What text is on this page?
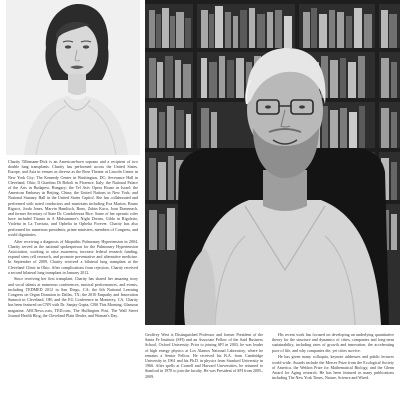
Charity Tillemann-Dick is an American-born soprano and a recipient of two double lung transplants. Charity has performed across the United States, Europe, and Asia in venues as diverse as the Rose Theater at Lincoln Center in New York City; The Kennedy Center in Washington, DC; Severance Hall in Cleveland, Ohio; Il Giardino Di Boboli in Florence, Italy; the National Palace of the Arts in Budapest, Hungary; the Tel Aviv Opera House in Israel; the American Embassy in Beijing, China; the United Nations in New York; and National Statuary Hall in the United States Capitol. She has collaborated and performed with noted conductors and musicians including Eva Marton, Bruno Rigacci, Jorda Jones, Marvin Hamlisch, Bono, Zubin Kucu, Joan Domenach, and former Secretary of State Dr. Condoleezza Rice. Some of her operatic roles have included Titania in A Midsummer's Night Dream, Gilda in Rigoletto, Violetta in La Traviata, and Ophelia in Ophelia Forever. Charity has also performed for numerous presidents, prime ministers, members of Congress, and world dignitaries.

After receiving a diagnosis of Idiopathic Pulmonary Hypertension in 2004, Charity served as the national spokesperson for the Pulmonary Hypertension Association, working to raise awareness, increase federal research funding, expand stem cell research, and promote preventative and alternative medicine. In September of 2009, Charity received a bilateral lung transplant at the Cleveland Clinic in Ohio. After complications from rejection, Charity received a second bilateral lung transplant in January 2012.

Since receiving her first transplant, Charity has shared her amazing story and vocal talents at numerous conferences, musical performances, and events, including TEDMED 2012 in San Diego, CA; the 6th National Learning Congress on Organ Donation in Dallas, TX; the 2010 Empathy and Innovation Summit in Cleveland, OH; and the EG Conference in Monterey, CA. Charity has been featured on CNN with Dr. Sanjay Gupta, CBS This Morning, Glamour magazine, ABCNews.com, TED.com, The Huffington Post, The Wall Street Journal Health Blog, the Cleveland Plain Dealer, and Woman's Day.

Geoffrey West is Distinguished Professor and former President of the Santa Fe Institute (SFI) and an Associate Fellow of the Said Business School, Oxford University. Prior to joining SFI in 2003, he was leader of high energy physics at Los Alamos National Laboratory, where he remains a Senior Fellow. He received his B.A. from Cambridge University in 1961 and his Ph.D. in physics from Stanford University in 1966. After spells at Cornell and Harvard Universities, he returned to Stanford in 1970 to join the faculty. He was President of SFI from 2005–2009.

His recent work has focused on developing an underlying quantitative theory for the structure and dynamics of cities, companies and long-term sustainability, including rates of growth and innovation, the accelerating pace of life, and why companies die, yet cities survive.

He has given many colloquia, keynote addresses and public lectures world-wide. Awards include the Mercer Prize from the Ecological Society of America, the Weldon Prize for Mathematical Biology, and the Glenn Award for Aging research. He has been featured in many publications including The New York Times, Nature, Science and Wired.
